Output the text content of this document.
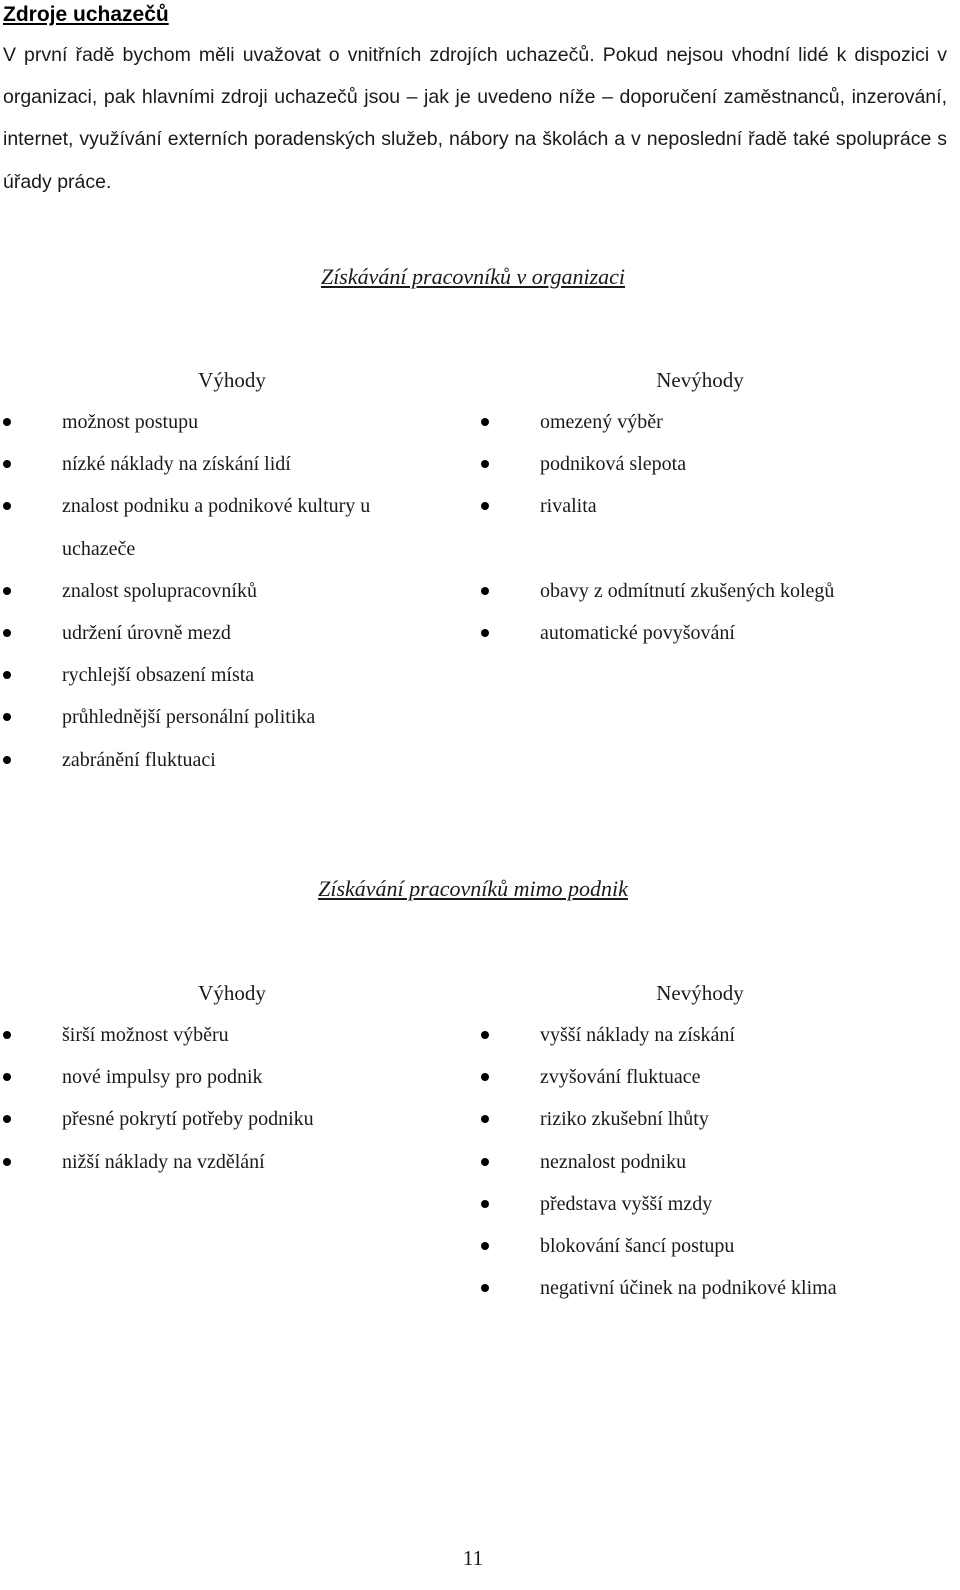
Zdroje uchazečů
V první řadě bychom měli uvažovat o vnitřních zdrojích uchazečů. Pokud nejsou vhodní lidé k dispozici v organizaci, pak hlavními zdroji uchazečů jsou – jak je uvedeno níže – doporučení zaměstnanců, inzerování, internet, využívání externích poradenských služeb, nábory na školách a v neposlední řadě také spolupráce s úřady práce.
Získávání pracovníků v organizaci
Výhody	Nevýhody
možnost postupu
nízké náklady na získání lidí
znalost podniku a podnikové kultury u uchazeče
znalost spolupracovníků
udržení úrovně mezd
rychlejší obsazení místa
průhlednější personální politika
zabránění fluktuaci
omezený výběr
podniková slepota
rivalita

obavy z odmítnutí zkušených kolegů
automatické povyšování
Získávání pracovníků mimo podnik
Výhody	Nevýhody
širší možnost výběru
nové impulsy pro podnik
přesné pokrytí potřeby podniku
nižší náklady na vzdělání
vyšší náklady na získání
zvyšování fluktuace
riziko zkušební lhůty
neznalost podniku
představa vyšší mzdy
blokování šancí postupu
negativní účinek na podnikové klima
11
